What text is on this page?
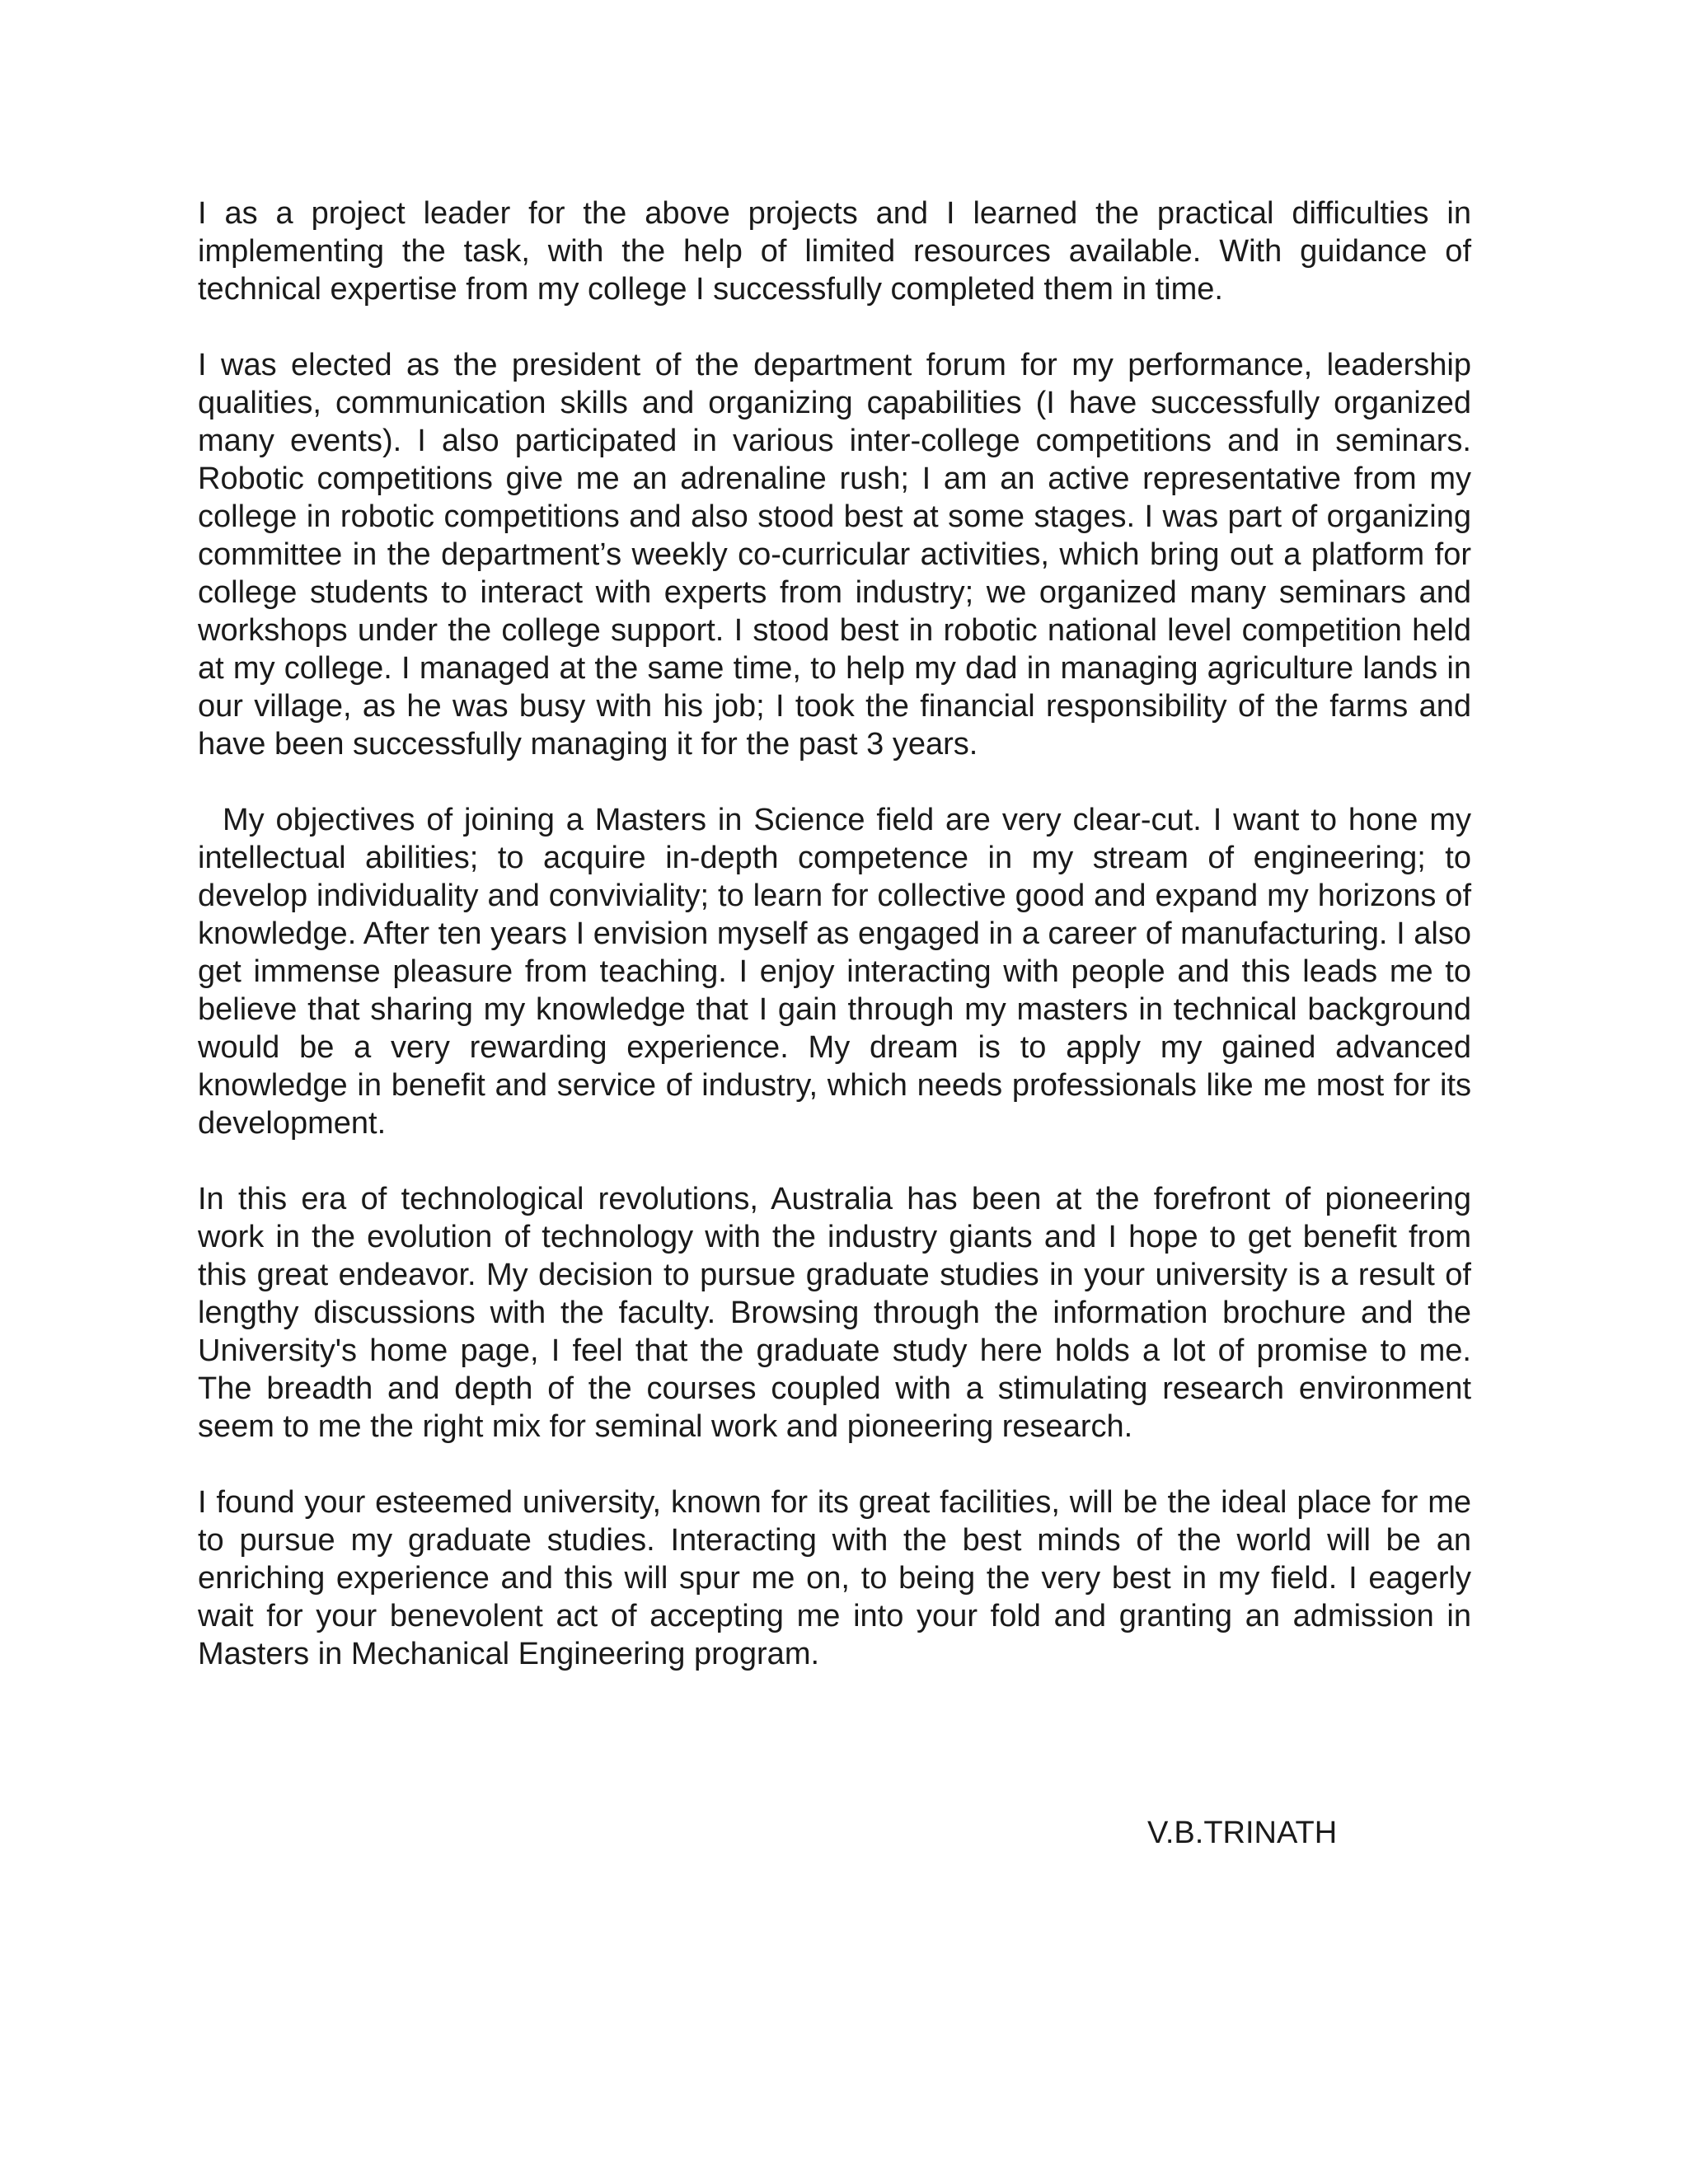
I as a project leader for the above projects and I learned the practical difficulties in implementing the task, with the help of limited resources available. With guidance of technical expertise from my college I successfully completed them in time.

I was elected as the president of the department forum for my performance, leadership qualities, communication skills and organizing capabilities (I have successfully organized many events). I also participated in various inter-college competitions and in seminars. Robotic competitions give me an adrenaline rush; I am an active representative from my college in robotic competitions and also stood best at some stages. I was part of organizing committee in the department’s weekly co-curricular activities, which bring out a platform for college students to interact with experts from industry; we organized many seminars and workshops under the college support. I stood best in robotic national level competition held at my college. I managed at the same time, to help my dad in managing agriculture lands in our village, as he was busy with his job; I took the financial responsibility of the farms and have been successfully managing it for the past 3 years.

My objectives of joining a Masters in Science field are very clear-cut. I want to hone my intellectual abilities; to acquire in-depth competence in my stream of engineering; to develop individuality and conviviality; to learn for collective good and expand my horizons of knowledge. After ten years I envision myself as engaged in a career of manufacturing. I also get immense pleasure from teaching. I enjoy interacting with people and this leads me to believe that sharing my knowledge that I gain through my masters in technical background would be a very rewarding experience. My dream is to apply my gained advanced knowledge in benefit and service of industry, which needs professionals like me most for its development.

In this era of technological revolutions, Australia has been at the forefront of pioneering work in the evolution of technology with the industry giants and I hope to get benefit from this great endeavor. My decision to pursue graduate studies in your university is a result of lengthy discussions with the faculty. Browsing through the information brochure and the University's home page, I feel that the graduate study here holds a lot of promise to me. The breadth and depth of the courses coupled with a stimulating research environment seem to me the right mix for seminal work and pioneering research.

I found your esteemed university, known for its great facilities, will be the ideal place for me to pursue my graduate studies. Interacting with the best minds of the world will be an enriching experience and this will spur me on, to being the very best in my field. I eagerly wait for your benevolent act of accepting me into your fold and granting an admission in Masters in Mechanical Engineering program.

V.B.TRINATH
